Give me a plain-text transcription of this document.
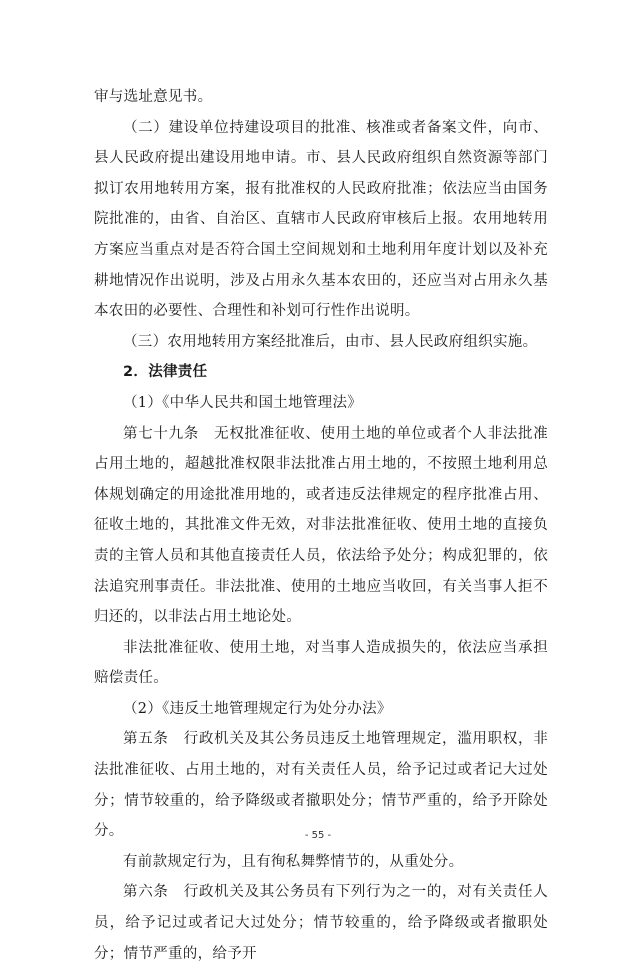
审与选址意见书。

（二）建设单位持建设项目的批准、核准或者备案文件，向市、县人民政府提出建设用地申请。市、县人民政府组织自然资源等部门拟订农用地转用方案，报有批准权的人民政府批准；依法应当由国务院批准的，由省、自治区、直辖市人民政府审核后上报。农用地转用方案应当重点对是否符合国土空间规划和土地利用年度计划以及补充耕地情况作出说明，涉及占用永久基本农田的，还应当对占用永久基本农田的必要性、合理性和补划可行性作出说明。

（三）农用地转用方案经批准后，由市、县人民政府组织实施。

2．法律责任

（1）《中华人民共和国土地管理法》

第七十九条　无权批准征收、使用土地的单位或者个人非法批准占用土地的，超越批准权限非法批准占用土地的，不按照土地利用总体规划确定的用途批准用地的，或者违反法律规定的程序批准占用、征收土地的，其批准文件无效，对非法批准征收、使用土地的直接负责的主管人员和其他直接责任人员，依法给予处分；构成犯罪的，依法追究刑事责任。非法批准、使用的土地应当收回，有关当事人拒不归还的，以非法占用土地论处。

非法批准征收、使用土地，对当事人造成损失的，依法应当承担赔偿责任。

（2）《违反土地管理规定行为处分办法》

第五条　行政机关及其公务员违反土地管理规定，滥用职权，非法批准征收、占用土地的，对有关责任人员，给予记过或者记大过处分；情节较重的，给予降级或者撤职处分；情节严重的，给予开除处分。

有前款规定行为，且有徇私舞弊情节的，从重处分。

第六条　行政机关及其公务员有下列行为之一的，对有关责任人员，给予记过或者记大过处分；情节较重的，给予降级或者撤职处分；情节严重的，给予开

- 55 -
